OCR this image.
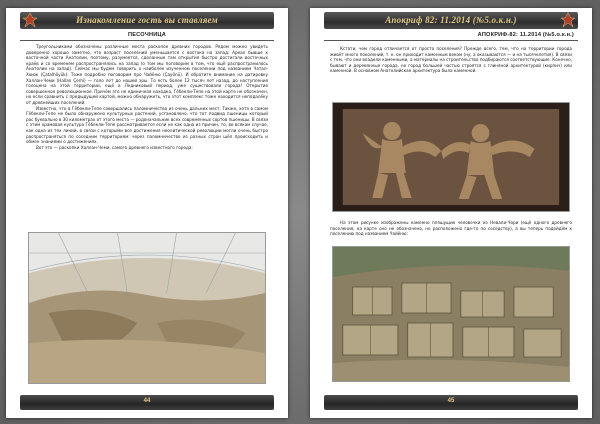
Изнакомление гость вы ставляем
ПЕСОЧНИЦА

Треугольниками обозначены различные места раскопок древних городов. Рядом можно увидеть доверенно хорошо заметно, что возраст поселений уменьшается с востока на запад: Ареал бывше к восточной части Анатолии, поэтому, разумеется, сделанные там открытия быстро достигали восточных краёв и со временем распространялись на запад (о том мы поговорим в том, что ещё распространилось Анатолии на запад). Сейчас мы будем говорить о наиболее изученном поселении под названием Чатал-Хююк (Çatalhöyük). Тоже подробно поговорим про Чайёню (Çayönü). И обратите внимание на датировку Халлан-Чеми (Hallan Çemi) — голо лет до нашей эры. То есть более 12 тысяч лет назад, до наступления голоцена на этой территории, ещё в Ледниковый период, уже существовали города! Открытие совершенное революционное. Причём это не единичная находка, Гёбекли-Тепе на этой карте не обозначен, но если сравнить с предыдущей картой, можно обнаружить, что этот комплекс тоже находится неподалёку от древнейших поселений.

Известно, что в Гёбекли-Тепе совершались паломничества из очень дальних мест. Также, хотя в самом Гёбекли-Тепе не было обнаружено культурных растений, установлено, что тот подвид пшеницы который рос буквально в 30 километрах от этого места — родоначальник всех современных сортов пшеницы. В связи с этим храмовая культура Гёбекли-Тепе рассматривается если не как одна из причин, то, во всяком случае, как одна из тех линий, в связи с которыми все достижения неолитической революции могли очень быстро распространяться по соседним территориям: через паломничество из разных стран шёл происходить и обмен знаниями о достижениях.

Вот это — раскопки Халлан-Чеми, самого древнего известного города:

44
Апокриф 82: 11.2014 (№5.о.к.н.)
АПОКРИФ-82: 11.2014 (№5.о.к.н.)

Кстати, чем город отличается от просто поселения? Прежде всего, тем, что на территории города живёт много поколений, т. к. он приходит каменным веком (ну, а оказываются — и на тысячелетия). В связи с тем, что они владели каменными, а материалы на строительство подбираются соответствующие. Конечно, бывают и деревянные города, но город большей частью строятся с глиняной архитектурой (кирпич) или каменной. В основном Анатолийская архитектура была каменной.

На этом рисунке изображены каменно пляшущие человечки из Невали-Чори (ещё одного древнего поселения, на карте оно не обозначено, но расположено где-то по соседству), а вы теперь подойдём к поселению под названием Чайёню:

45
